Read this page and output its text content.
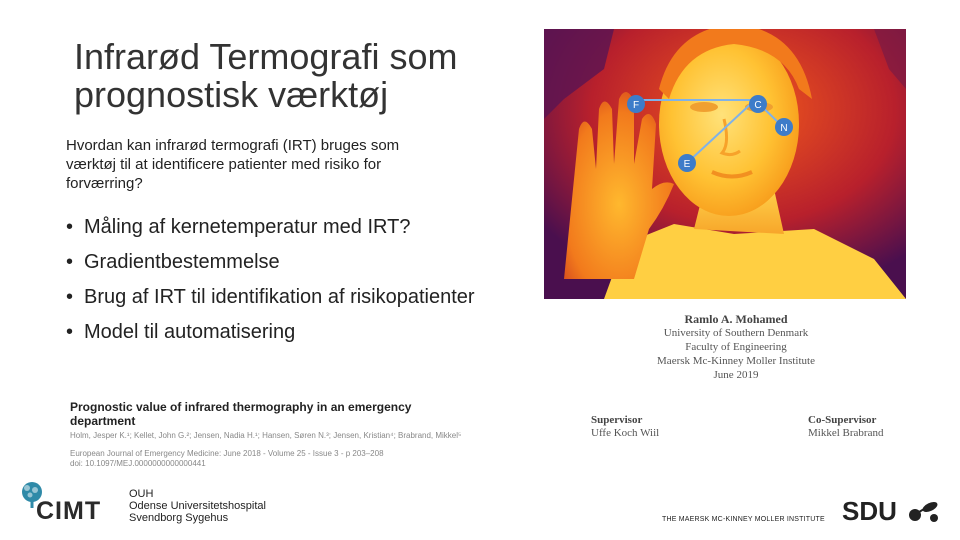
Infrarød Termografi som prognostisk værktøj
Hvordan kan infrarød termografi (IRT) bruges som værktøj til at identificere patienter med risiko for forværring?
• Måling af kernetemperatur med IRT?
• Gradientbestemmelse
• Brug af IRT til identifikation af risikopatienter
• Model til automatisering
F	C
N
E
Ramlo A. Mohamed
University of Southern Denmark
Faculty of Engineering
Maersk Mc-Kinney Moller Institute
June 2019
Supervisor
Uffe Koch Wiil
Co-Supervisor
Mikkel Brabrand
Prognostic value of infrared thermography in an emergency department
Holm, Jesper K.¹; Kellet, John G.²; Jensen, Nadia H.¹; Hansen, Søren N.³; Jensen, Kristian⁴; Brabrand, Mikkel⁵
European Journal of Emergency Medicine: June 2018 - Volume 25 - Issue 3 - p 203–208
doi: 10.1097/MEJ.0000000000000441
CIMT
OUH
Odense Universitetshospital
Svendborg Sygehus	THE MAERSK MC-KINNEY MOLLER INSTITUTE SDU
